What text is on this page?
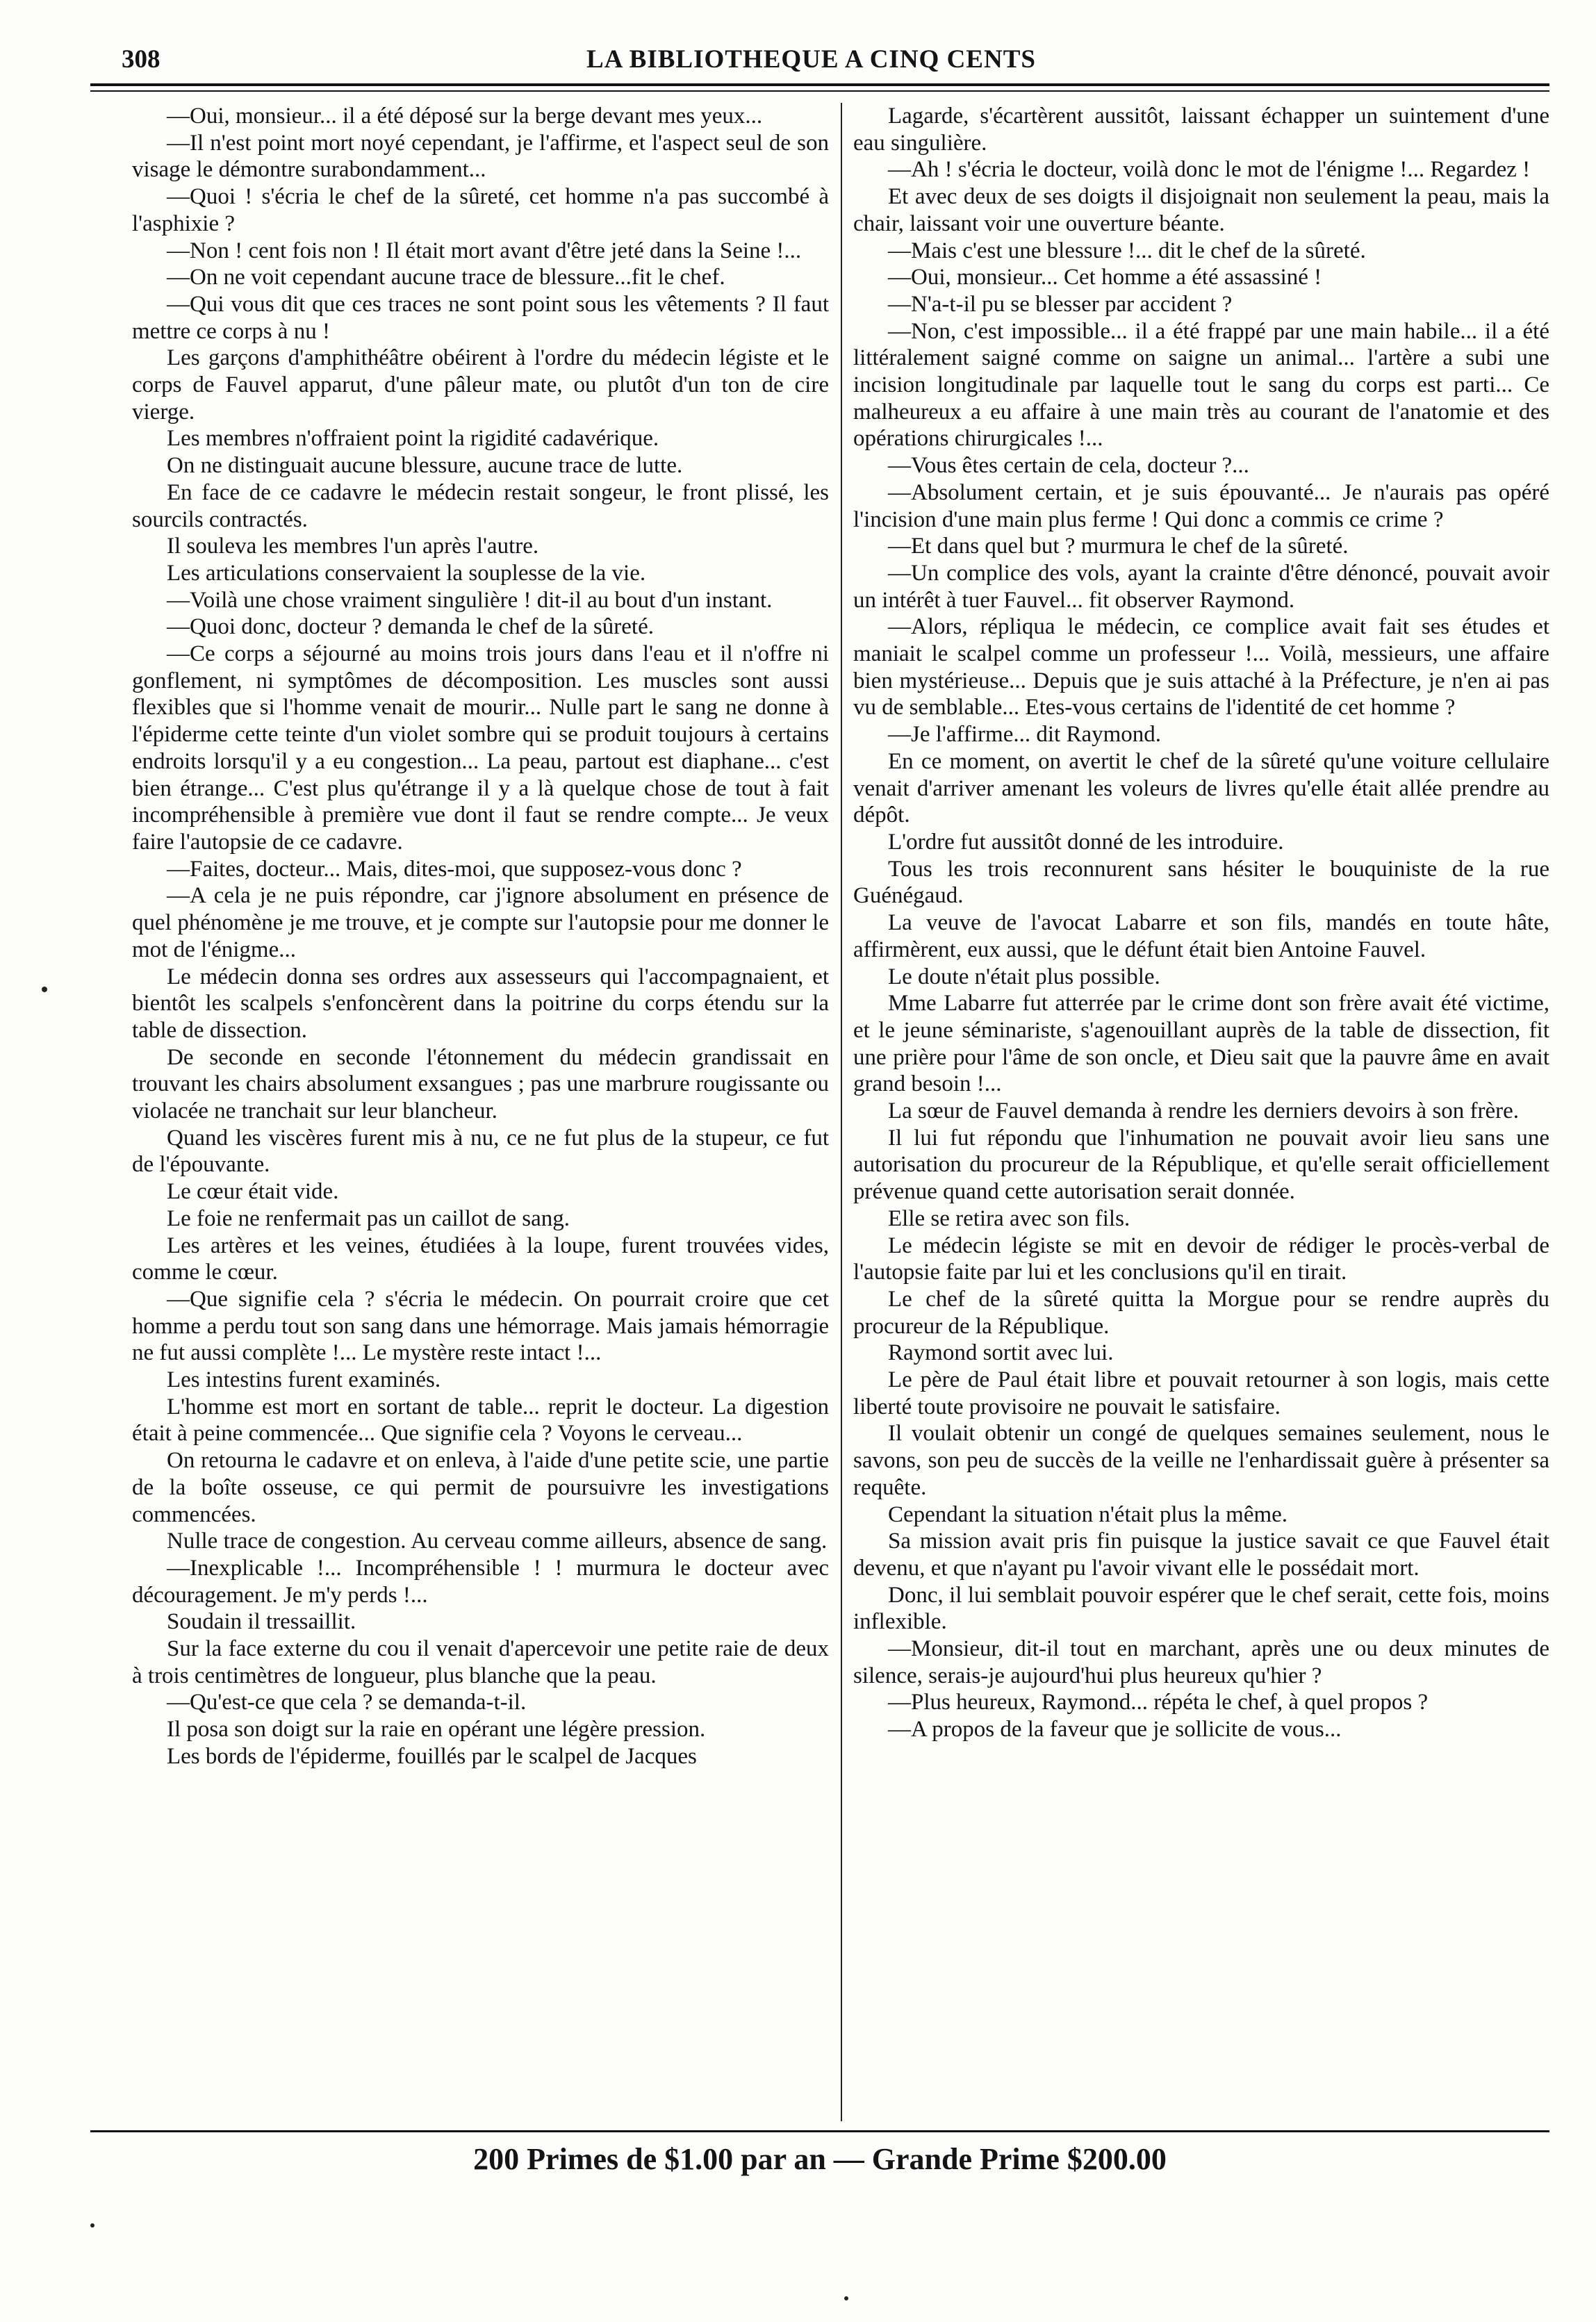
308	LA BIBLIOTHEQUE A CINQ CENTS

—Oui, monsieur... il a été déposé sur la berge devant mes yeux...

—Il n'est point mort noyé cependant, je l'affirme, et l'aspect seul de son visage le démontre surabondamment...

—Quoi ! s'écria le chef de la sûreté, cet homme n'a pas succombé à l'asphixie ?

—Non ! cent fois non ! Il était mort avant d'être jeté dans la Seine !...

—On ne voit cependant aucune trace de blessure...fit le chef.

—Qui vous dit que ces traces ne sont point sous les vêtements ? Il faut mettre ce corps à nu !

Les garçons d'amphithéâtre obéirent à l'ordre du médecin légiste et le corps de Fauvel apparut, d'une pâleur mate, ou plutôt d'un ton de cire vierge.

Les membres n'offraient point la rigidité cadavérique.

On ne distinguait aucune blessure, aucune trace de lutte.

En face de ce cadavre le médecin restait songeur, le front plissé, les sourcils contractés.

Il souleva les membres l'un après l'autre.

Les articulations conservaient la souplesse de la vie.

—Voilà une chose vraiment singulière ! dit-il au bout d'un instant.

—Quoi donc, docteur ? demanda le chef de la sûreté.

—Ce corps a séjourné au moins trois jours dans l'eau et il n'offre ni gonflement, ni symptômes de décomposition. Les muscles sont aussi flexibles que si l'homme venait de mourir... Nulle part le sang ne donne à l'épiderme cette teinte d'un violet sombre qui se produit toujours à certains endroits lorsqu'il y a eu congestion... La peau, partout est diaphane... c'est bien étrange... C'est plus qu'étrange il y a là quelque chose de tout à fait incompréhensible à première vue dont il faut se rendre compte... Je veux faire l'autopsie de ce cadavre.

—Faites, docteur... Mais, dites-moi, que supposez-vous donc ?

—A cela je ne puis répondre, car j'ignore absolument en présence de quel phénomène je me trouve, et je compte sur l'autopsie pour me donner le mot de l'énigme...

Le médecin donna ses ordres aux assesseurs qui l'accompagnaient, et bientôt les scalpels s'enfoncèrent dans la poitrine du corps étendu sur la table de dissection.

De seconde en seconde l'étonnement du médecin grandissait en trouvant les chairs absolument exsangues ; pas une marbrure rougissante ou violacée ne tranchait sur leur blancheur.

Quand les viscères furent mis à nu, ce ne fut plus de la stupeur, ce fut de l'épouvante.

Le cœur était vide.

Le foie ne renfermait pas un caillot de sang.

Les artères et les veines, étudiées à la loupe, furent trouvées vides, comme le cœur.

—Que signifie cela ? s'écria le médecin. On pourrait croire que cet homme a perdu tout son sang dans une hémorrage. Mais jamais hémorragie ne fut aussi complète !... Le mystère reste intact !...

Les intestins furent examinés.

L'homme est mort en sortant de table... reprit le docteur. La digestion était à peine commencée... Que signifie cela ? Voyons le cerveau...

On retourna le cadavre et on enleva, à l'aide d'une petite scie, une partie de la boîte osseuse, ce qui permit de poursuivre les investigations commencées.

Nulle trace de congestion. Au cerveau comme ailleurs, absence de sang.

—Inexplicable !... Incompréhensible ! ! murmura le docteur avec découragement. Je m'y perds !...

Soudain il tressaillit.

Sur la face externe du cou il venait d'apercevoir une petite raie de deux à trois centimètres de longueur, plus blanche que la peau.

—Qu'est-ce que cela ? se demanda-t-il.

Il posa son doigt sur la raie en opérant une légère pression.

Les bords de l'épiderme, fouillés par le scalpel de Jacques

Lagarde, s'écartèrent aussitôt, laissant échapper un suintement d'une eau singulière.

—Ah ! s'écria le docteur, voilà donc le mot de l'énigme !... Regardez !

Et avec deux de ses doigts il disjoignait non seulement la peau, mais la chair, laissant voir une ouverture béante.

—Mais c'est une blessure !... dit le chef de la sûreté.

—Oui, monsieur... Cet homme a été assassiné !

—N'a-t-il pu se blesser par accident ?

—Non, c'est impossible... il a été frappé par une main habile... il a été littéralement saigné comme on saigne un animal... l'artère a subi une incision longitudinale par laquelle tout le sang du corps est parti... Ce malheureux a eu affaire à une main très au courant de l'anatomie et des opérations chirurgicales !...

—Vous êtes certain de cela, docteur ?...

—Absolument certain, et je suis épouvanté... Je n'aurais pas opéré l'incision d'une main plus ferme ! Qui donc a commis ce crime ?

—Et dans quel but ? murmura le chef de la sûreté.

—Un complice des vols, ayant la crainte d'être dénoncé, pouvait avoir un intérêt à tuer Fauvel... fit observer Raymond.

—Alors, répliqua le médecin, ce complice avait fait ses études et maniait le scalpel comme un professeur !... Voilà, messieurs, une affaire bien mystérieuse... Depuis que je suis attaché à la Préfecture, je n'en ai pas vu de semblable... Etes-vous certains de l'identité de cet homme ?

—Je l'affirme... dit Raymond.

En ce moment, on avertit le chef de la sûreté qu'une voiture cellulaire venait d'arriver amenant les voleurs de livres qu'elle était allée prendre au dépôt.

L'ordre fut aussitôt donné de les introduire.

Tous les trois reconnurent sans hésiter le bouquiniste de la rue Guénégaud.

La veuve de l'avocat Labarre et son fils, mandés en toute hâte, affirmèrent, eux aussi, que le défunt était bien Antoine Fauvel.

Le doute n'était plus possible.

Mme Labarre fut atterrée par le crime dont son frère avait été victime, et le jeune séminariste, s'agenouillant auprès de la table de dissection, fit une prière pour l'âme de son oncle, et Dieu sait que la pauvre âme en avait grand besoin !...

La sœur de Fauvel demanda à rendre les derniers devoirs à son frère.

Il lui fut répondu que l'inhumation ne pouvait avoir lieu sans une autorisation du procureur de la République, et qu'elle serait officiellement prévenue quand cette autorisation serait donnée.

Elle se retira avec son fils.

Le médecin légiste se mit en devoir de rédiger le procès-verbal de l'autopsie faite par lui et les conclusions qu'il en tirait.

Le chef de la sûreté quitta la Morgue pour se rendre auprès du procureur de la République.

Raymond sortit avec lui.

Le père de Paul était libre et pouvait retourner à son logis, mais cette liberté toute provisoire ne pouvait le satisfaire.

Il voulait obtenir un congé de quelques semaines seulement, nous le savons, son peu de succès de la veille ne l'enhardissait guère à présenter sa requête.

Cependant la situation n'était plus la même.

Sa mission avait pris fin puisque la justice savait ce que Fauvel était devenu, et que n'ayant pu l'avoir vivant elle le possédait mort.

Donc, il lui semblait pouvoir espérer que le chef serait, cette fois, moins inflexible.

—Monsieur, dit-il tout en marchant, après une ou deux minutes de silence, serais-je aujourd'hui plus heureux qu'hier ?

—Plus heureux, Raymond... répéta le chef, à quel propos ?

—A propos de la faveur que je sollicite de vous...

200 Primes de $1.00 par an — Grande Prime $200.00
